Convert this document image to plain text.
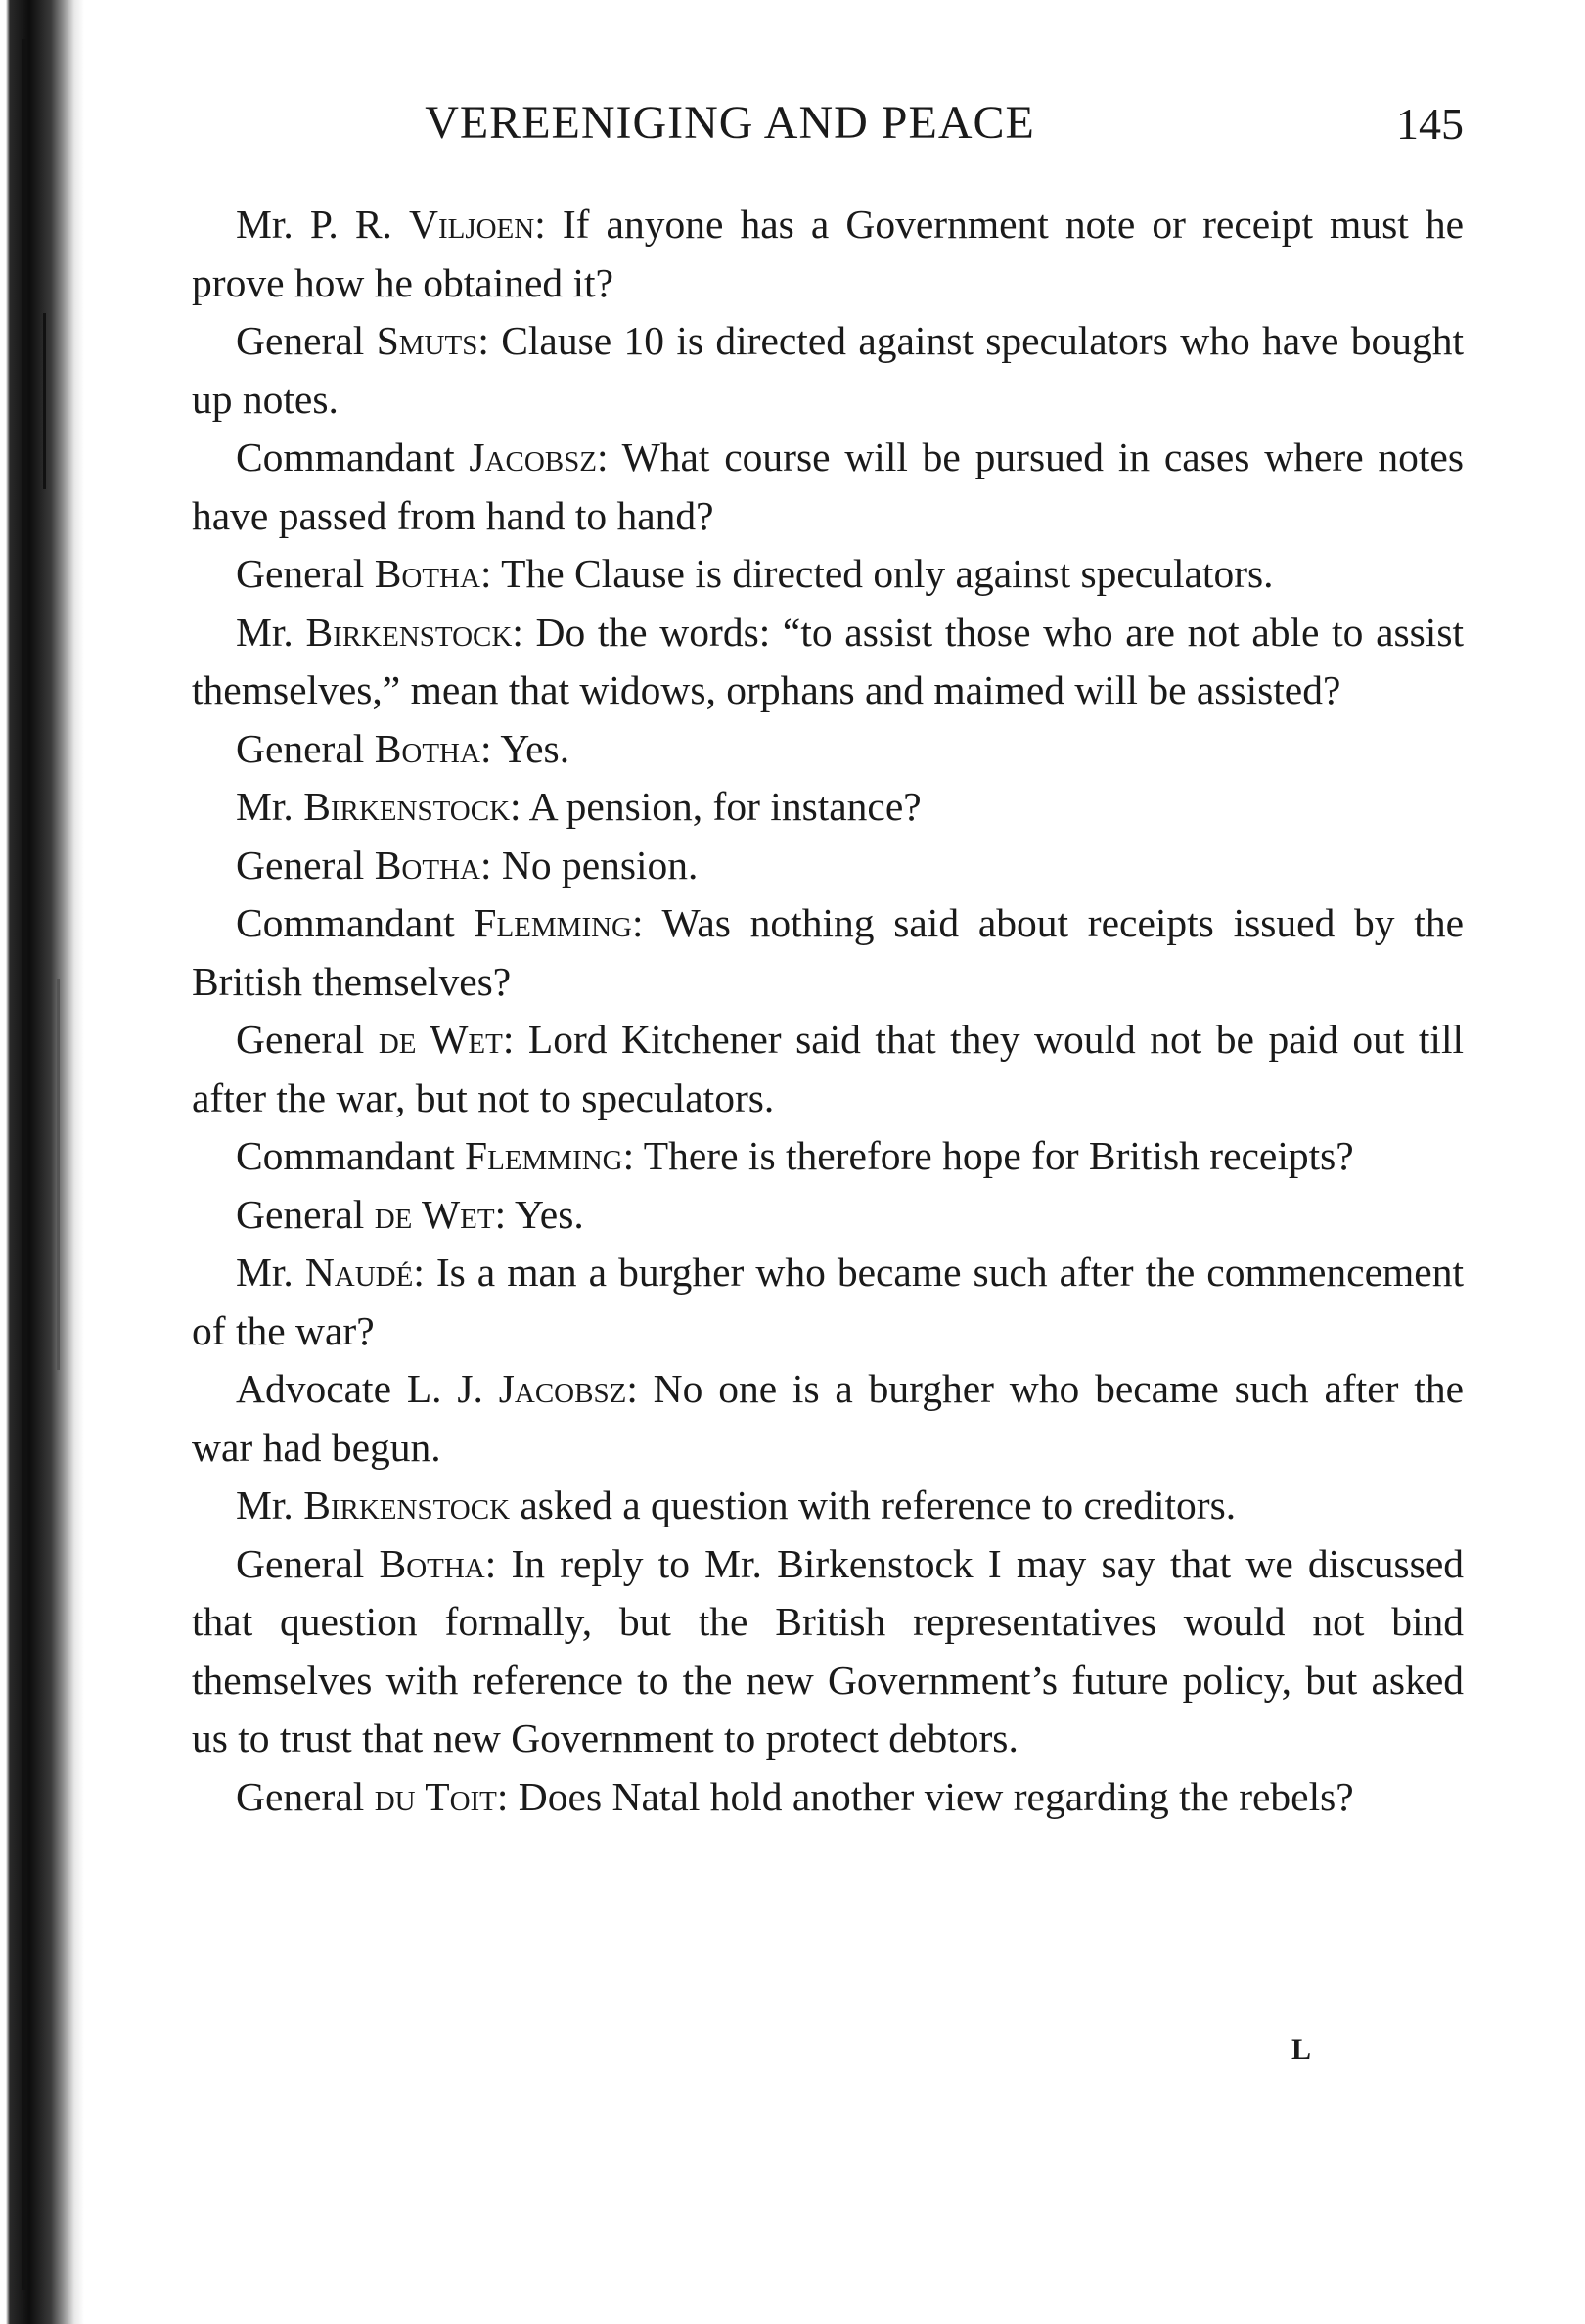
VEREENIGING AND PEACE	145

Mr. P. R. Viljoen: If anyone has a Government note or receipt must he prove how he obtained it?

General Smuts: Clause 10 is directed against speculators who have bought up notes.

Commandant Jacobsz: What course will be pursued in cases where notes have passed from hand to hand?

General Botha: The Clause is directed only against speculators.

Mr. Birkenstock: Do the words: “to assist those who are not able to assist themselves,” mean that widows, orphans and maimed will be assisted?

General Botha: Yes.

Mr. Birkenstock: A pension, for instance?

General Botha: No pension.

Commandant Flemming: Was nothing said about receipts issued by the British themselves?

General de Wet: Lord Kitchener said that they would not be paid out till after the war, but not to speculators.

Commandant Flemming: There is therefore hope for British receipts?

General de Wet: Yes.

Mr. Naudé: Is a man a burgher who became such after the commencement of the war?

Advocate L. J. Jacobsz: No one is a burgher who became such after the war had begun.

Mr. Birkenstock asked a question with reference to creditors.

General Botha: In reply to Mr. Birkenstock I may say that we discussed that question formally, but the British representatives would not bind themselves with reference to the new Government’s future policy, but asked us to trust that new Government to protect debtors.

General du Toit: Does Natal hold another view regarding the rebels?

L
